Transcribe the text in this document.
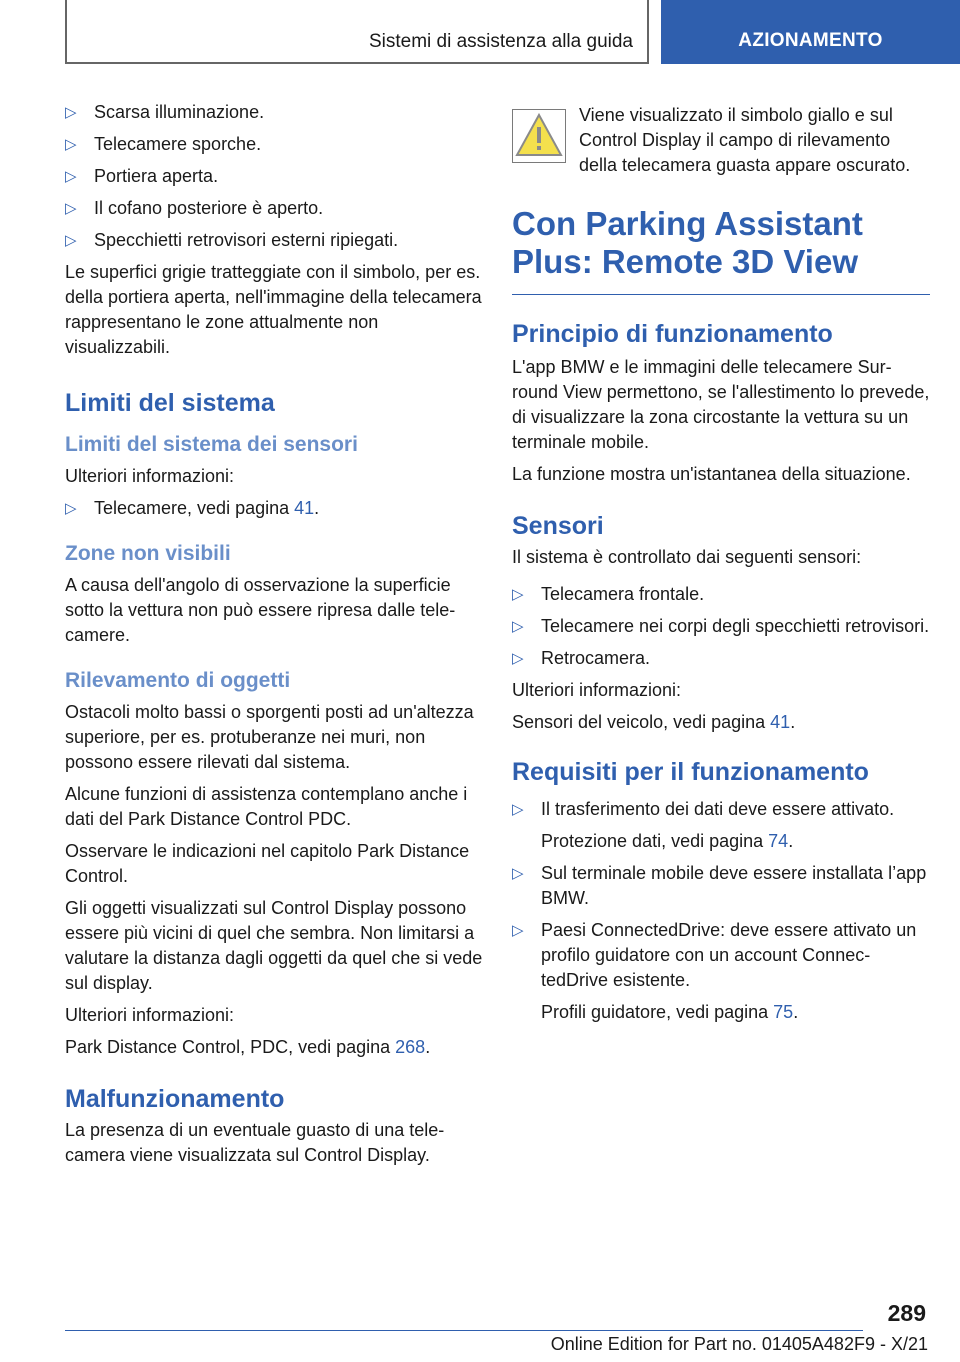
Sistemi di assistenza alla guida	AZIONAMENTO
▷ Scarsa illuminazione.
▷ Telecamere sporche.
▷ Portiera aperta.
▷ Il cofano posteriore è aperto.
▷ Specchietti retrovisori esterni ripiegati.

Le superfici grigie tratteggiate con il simbolo, per es. della portiera aperta, nell'immagine della telecamera rappresentano le zone attualmente non visualizzabili.

Limiti del sistema
Limiti del sistema dei sensori

Ulteriori informazioni:

▷ Telecamere, vedi pagina 41.
Zone non visibili

A causa dell'angolo di osservazione la superficie sotto la vettura non può essere ripresa dalle telecamere.

Rilevamento di oggetti

Ostacoli molto bassi o sporgenti posti ad un'altezza superiore, per es. protuberanze nei muri, non possono essere rilevati dal sistema.

Alcune funzioni di assistenza contemplano anche i dati del Park Distance Control PDC.

Osservare le indicazioni nel capitolo Park Distance Control.

Gli oggetti visualizzati sul Control Display possono essere più vicini di quel che sembra. Non limitarsi a valutare la distanza dagli oggetti da quel che si vede sul display.

Ulteriori informazioni:

Park Distance Control, PDC, vedi pagina 268.

Malfunzionamento

La presenza di un eventuale guasto di una telecamera viene visualizzata sul Control Display.

Viene visualizzato il simbolo giallo e sul Control Display il campo di rilevamento della telecamera guasta appare oscurato.

Con Parking Assistant Plus: Remote 3D View
Principio di funzionamento

L'app BMW e le immagini delle telecamere Surround View permettono, se l'allestimento lo prevede, di visualizzare la zona circostante la vettura su un terminale mobile.

La funzione mostra un'istantanea della situazione.

Sensori

Il sistema è controllato dai seguenti sensori:

▷ Telecamera frontale.
▷ Telecamere nei corpi degli specchietti retrovisori.
▷ Retrocamera.

Ulteriori informazioni:

Sensori del veicolo, vedi pagina 41.

Requisiti per il funzionamento
▷ Il trasferimento dei dati deve essere attivato.

Protezione dati, vedi pagina 74.

▷ Sul terminale mobile deve essere installata l’app BMW.
▷ Paesi ConnectedDrive: deve essere attivato un profilo guidatore con un account ConnectedDrive esistente.

Profili guidatore, vedi pagina 75.

289
Online Edition for Part no. 01405A482F9 - X/21
